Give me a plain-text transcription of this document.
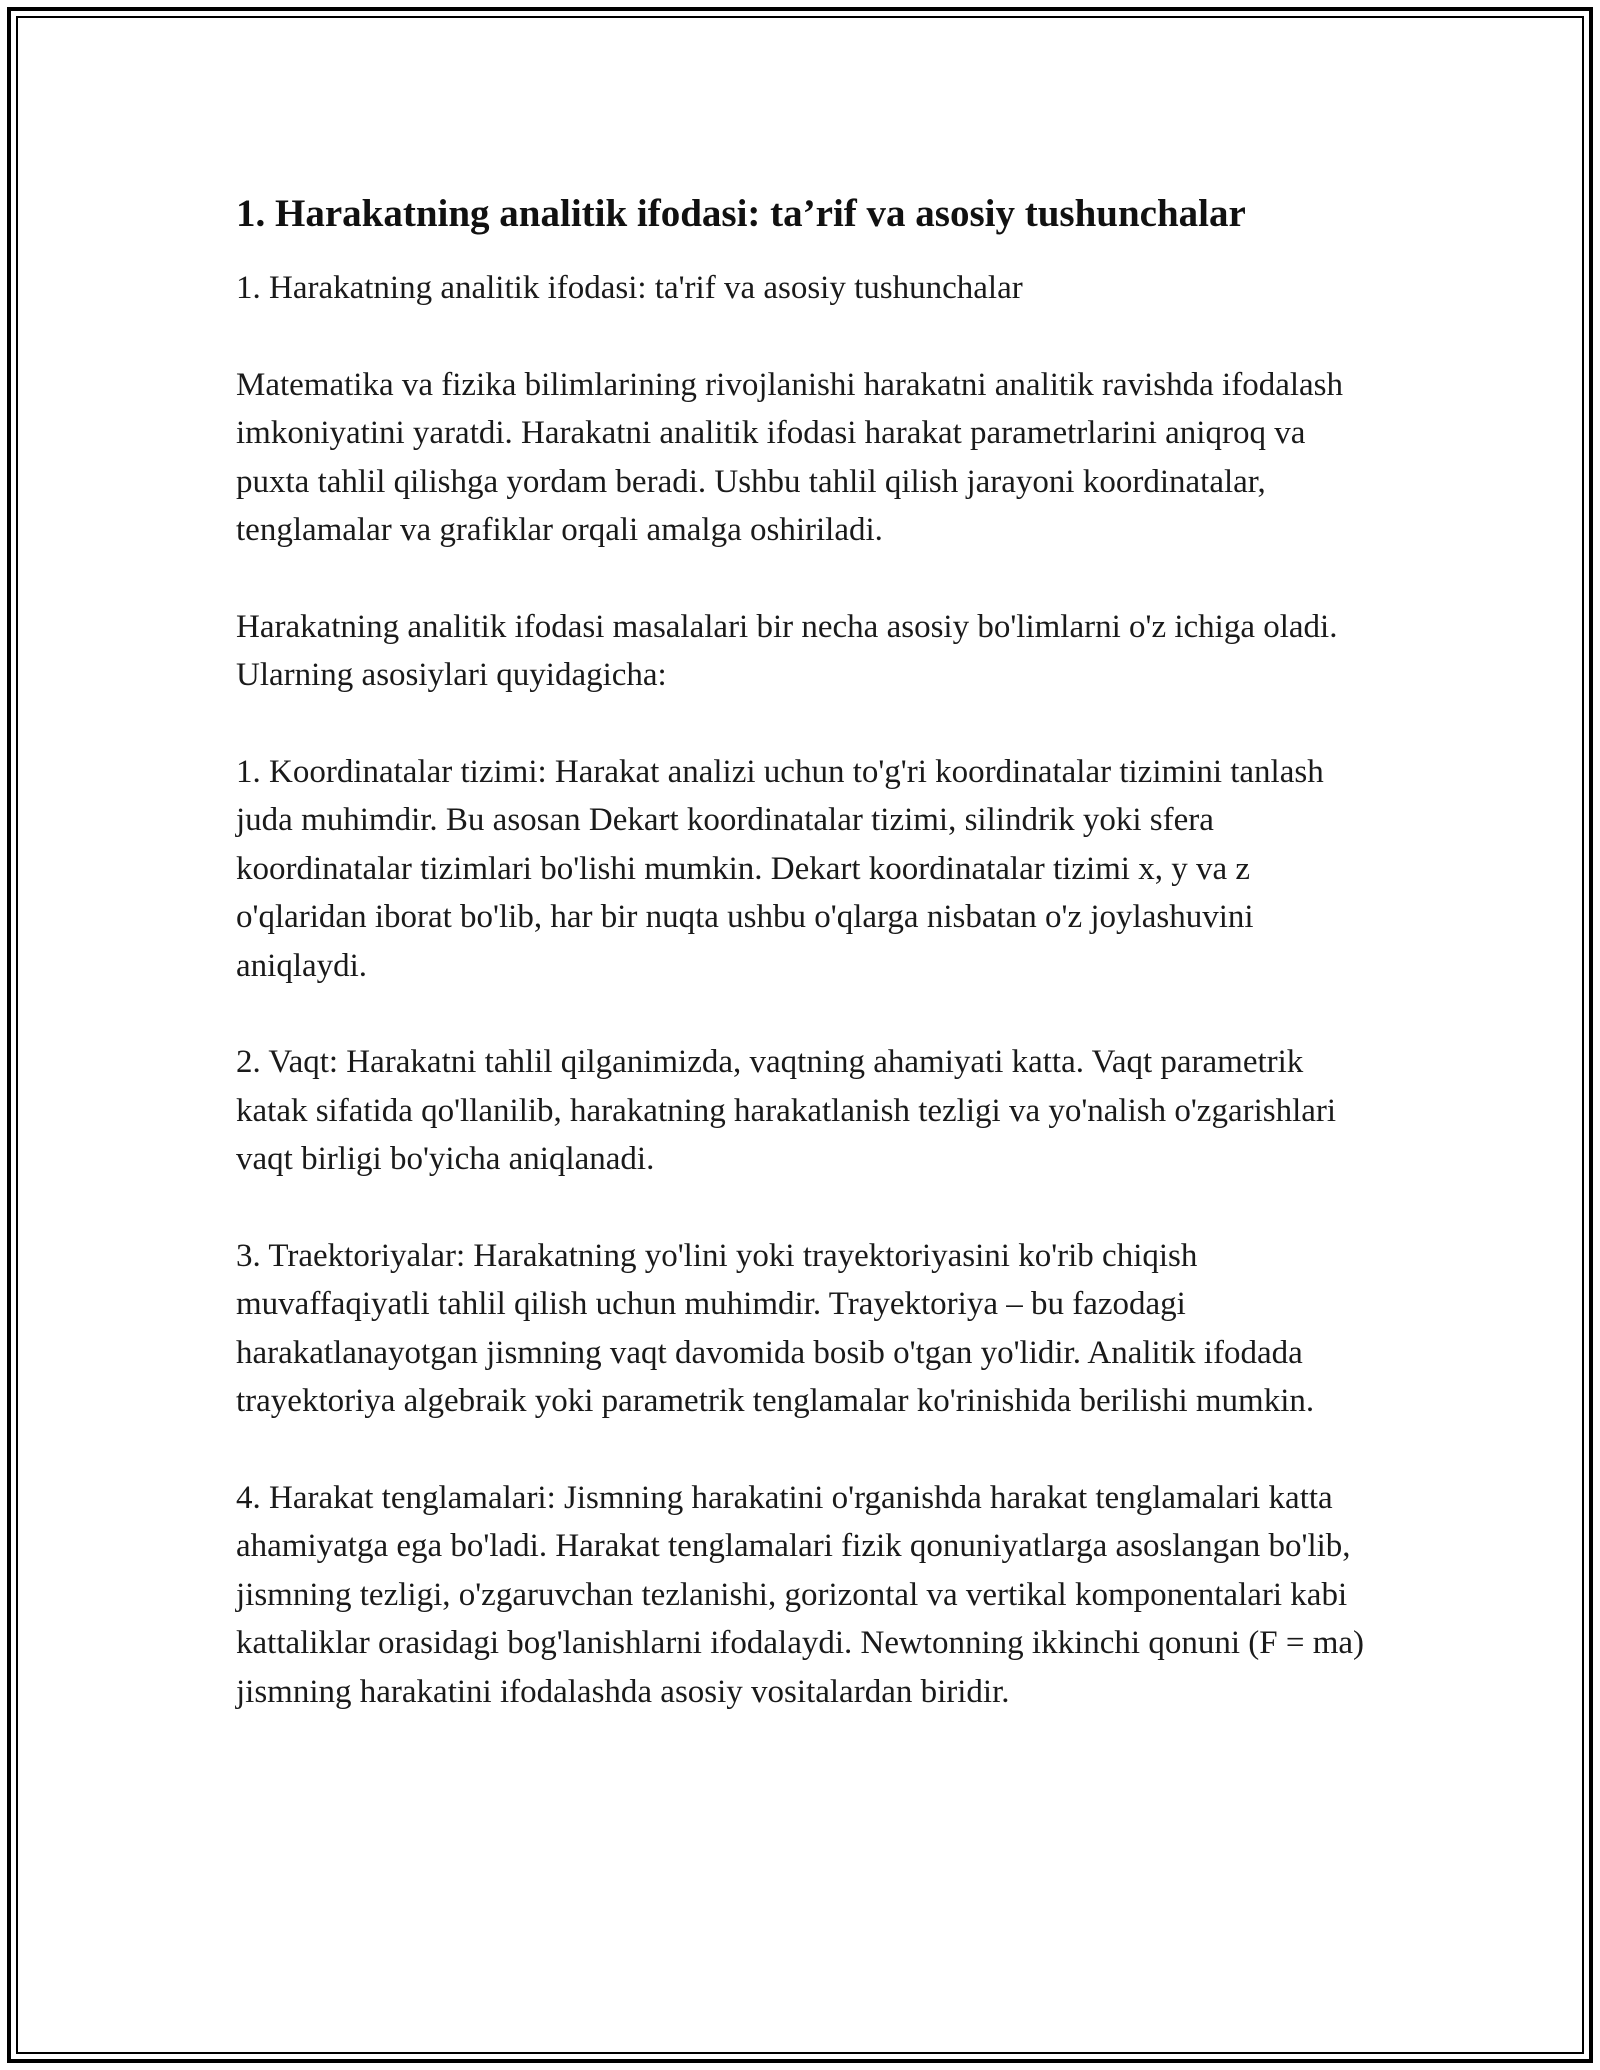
1. Harakatning analitik ifodasi: ta’rif va asosiy tushunchalar

1. Harakatning analitik ifodasi: ta'rif va asosiy tushunchalar

Matematika va fizika bilimlarining rivojlanishi harakatni analitik ravishda ifodalash imkoniyatini yaratdi. Harakatni analitik ifodasi harakat parametrlarini aniqroq va puxta tahlil qilishga yordam beradi. Ushbu tahlil qilish jarayoni koordinatalar, tenglamalar va grafiklar orqali amalga oshiriladi.

Harakatning analitik ifodasi masalalari bir necha asosiy bo'limlarni o'z ichiga oladi. Ularning asosiylari quyidagicha:

1. Koordinatalar tizimi: Harakat analizi uchun to'g'ri koordinatalar tizimini tanlash juda muhimdir. Bu asosan Dekart koordinatalar tizimi, silindrik yoki sfera koordinatalar tizimlari bo'lishi mumkin. Dekart koordinatalar tizimi x, y va z o'qlaridan iborat bo'lib, har bir nuqta ushbu o'qlarga nisbatan o'z joylashuvini aniqlaydi.

2. Vaqt: Harakatni tahlil qilganimizda, vaqtning ahamiyati katta. Vaqt parametrik katak sifatida qo'llanilib, harakatning harakatlanish tezligi va yo'nalish o'zgarishlari vaqt birligi bo'yicha aniqlanadi.

3. Traektoriyalar: Harakatning yo'lini yoki trayektoriyasini ko'rib chiqish muvaffaqiyatli tahlil qilish uchun muhimdir. Trayektoriya – bu fazodagi harakatlanayotgan jismning vaqt davomida bosib o'tgan yo'lidir. Analitik ifodada trayektoriya algebraik yoki parametrik tenglamalar ko'rinishida berilishi mumkin.

4. Harakat tenglamalari: Jismning harakatini o'rganishda harakat tenglamalari katta ahamiyatga ega bo'ladi. Harakat tenglamalari fizik qonuniyatlarga asoslangan bo'lib, jismning tezligi, o'zgaruvchan tezlanishi, gorizontal va vertikal komponentalari kabi kattaliklar orasidagi bog'lanishlarni ifodalaydi. Newtonning ikkinchi qonuni (F = ma) jismning harakatini ifodalashda asosiy vositalardan biridir.
